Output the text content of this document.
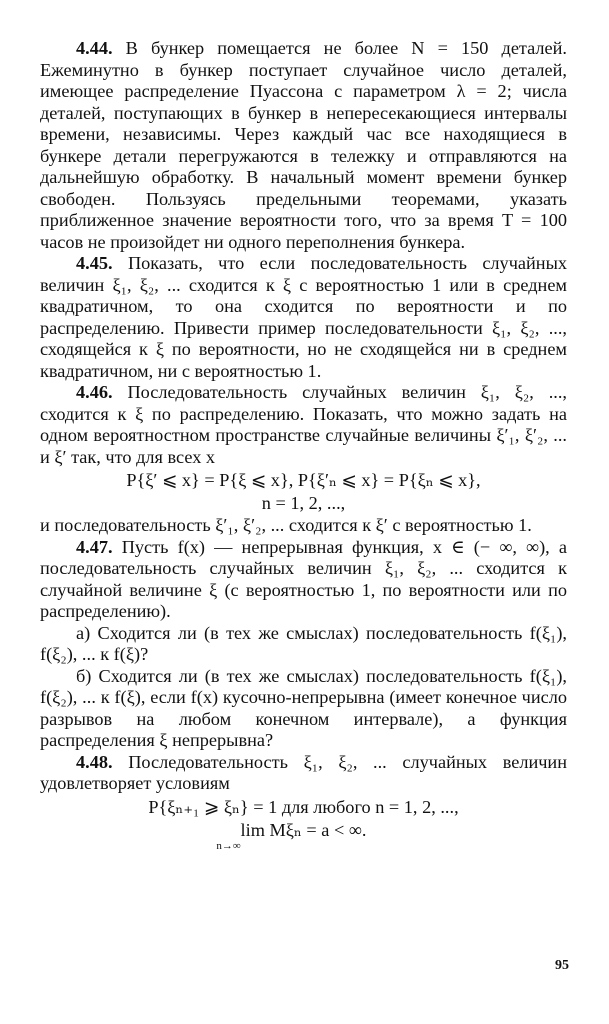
4.44. В бункер помещается не более N = 150 деталей. Ежеминутно в бункер поступает случайное число деталей, имеющее распределение Пуассона с параметром λ = 2; числа деталей, поступающих в бункер в непересекающиеся интервалы времени, независимы. Через каждый час все находящиеся в бункере детали перегружаются в тележку и отправляются на дальнейшую обработку. В начальный момент времени бункер свободен. Пользуясь предельными теоремами, указать приближенное значение вероятности того, что за время T = 100 часов не произойдет ни одного переполнения бункера.

4.45. Показать, что если последовательность случайных величин ξ₁, ξ₂, ... сходится к ξ с вероятностью 1 или в среднем квадратичном, то она сходится по вероятности и по распределению. Привести пример последовательности ξ₁, ξ₂, ..., сходящейся к ξ по вероятности, но не сходящейся ни в среднем квадратичном, ни с вероятностью 1.

4.46. Последовательность случайных величин ξ₁, ξ₂, ..., сходится к ξ по распределению. Показать, что можно задать на одном вероятностном пространстве случайные величины ξ′₁, ξ′₂, ... и ξ′ так, что для всех x

P{ξ′ ⩽ x} = P{ξ ⩽ x}, P{ξ′ₙ ⩽ x} = P{ξₙ ⩽ x},
n = 1, 2, ...,

и последовательность ξ′₁, ξ′₂, ... сходится к ξ′ с вероятностью 1.

4.47. Пусть f(x) — непрерывная функция, x ∈ (− ∞, ∞), а последовательность случайных величин ξ₁, ξ₂, ... сходится к случайной величине ξ (с вероятностью 1, по вероятности или по распределению).

а) Сходится ли (в тех же смыслах) последовательность f(ξ₁), f(ξ₂), ... к f(ξ)?

б) Сходится ли (в тех же смыслах) последовательность f(ξ₁), f(ξ₂), ... к f(ξ), если f(x) кусочно-непрерывна (имеет конечное число разрывов на любом конечном интервале), а функция распределения ξ непрерывна?

4.48. Последовательность ξ₁, ξ₂, ... случайных величин удовлетворяет условиям

P{ξₙ₊₁ ⩾ ξₙ} = 1 для любого n = 1, 2, ...,
lim Mξₙ = a < ∞.
n→∞
95
